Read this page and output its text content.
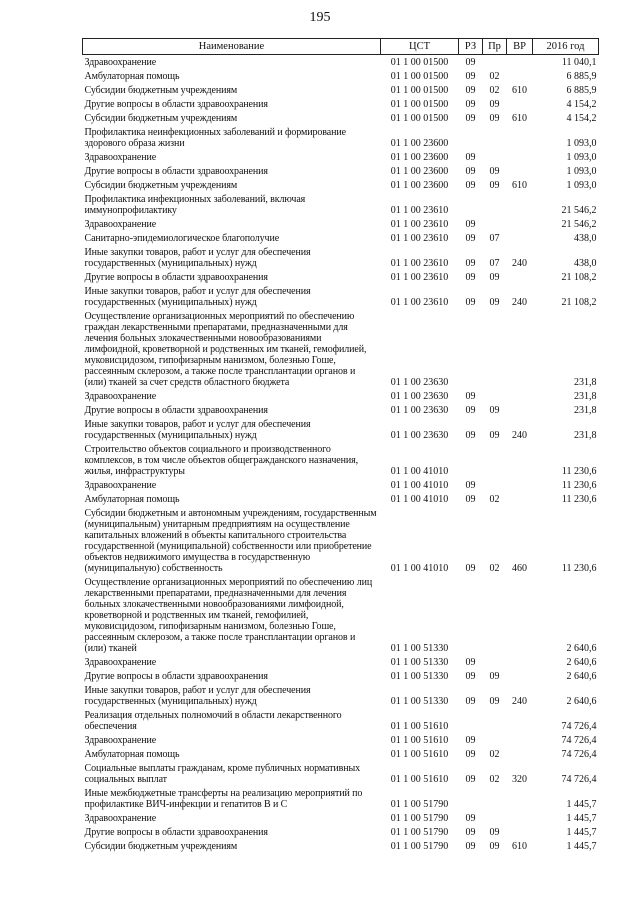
195
Наименование	ЦСТ	РЗ	Пр	ВР	2016 год
Здравоохранение	01 1 00 01500	09			11 040,1
Амбулаторная помощь	01 1 00 01500	09	02		6 885,9
Субсидии бюджетным учреждениям	01 1 00 01500	09	02	610	6 885,9
Другие вопросы в области здравоохранения	01 1 00 01500	09	09		4 154,2
Субсидии бюджетным учреждениям	01 1 00 01500	09	09	610	4 154,2
Профилактика неинфекционных заболеваний и формирование здорового образа жизни	01 1 00 23600				1 093,0
Здравоохранение	01 1 00 23600	09			1 093,0
Другие вопросы в области здравоохранения	01 1 00 23600	09	09		1 093,0
Субсидии бюджетным учреждениям	01 1 00 23600	09	09	610	1 093,0
Профилактика инфекционных заболеваний, включая иммунопрофилактику	01 1 00 23610				21 546,2
Здравоохранение	01 1 00 23610	09			21 546,2
Санитарно-эпидемиологическое благополучие	01 1 00 23610	09	07		438,0
Иные закупки товаров, работ и услуг для обеспечения государственных (муниципальных) нужд	01 1 00 23610	09	07	240	438,0
Другие вопросы в области здравоохранения	01 1 00 23610	09	09		21 108,2
Иные закупки товаров, работ и услуг для обеспечения государственных (муниципальных) нужд	01 1 00 23610	09	09	240	21 108,2
Осуществление организационных мероприятий по обеспечению граждан лекарственными препаратами, предназначенными для лечения больных злокачественными новообразованиями лимфоидной, кроветворной и родственных им тканей, гемофилией, муковисцидозом, гипофизарным нанизмом, болезнью Гоше, рассеянным склерозом, а также после трансплантации органов и (или) тканей за счет средств областного бюджета	01 1 00 23630				231,8
Здравоохранение	01 1 00 23630	09			231,8
Другие вопросы в области здравоохранения	01 1 00 23630	09	09		231,8
Иные закупки товаров, работ и услуг для обеспечения государственных (муниципальных) нужд	01 1 00 23630	09	09	240	231,8
Строительство объектов социального и производственного комплексов, в том числе объектов общегражданского назначения, жилья, инфраструктуры	01 1 00 41010				11 230,6
Здравоохранение	01 1 00 41010	09			11 230,6
Амбулаторная помощь	01 1 00 41010	09	02		11 230,6
Субсидии бюджетным и автономным учреждениям, государственным (муниципальным) унитарным предприятиям на осуществление капитальных вложений в объекты капитального строительства государственной (муниципальной) собственности или приобретение объектов недвижимого имущества в государственную (муниципальную) собственность	01 1 00 41010	09	02	460	11 230,6
Осуществление организационных мероприятий по обеспечению лиц лекарственными препаратами, предназначенными для лечения больных злокачественными новообразованиями лимфоидной, кроветворной и родственных им тканей, гемофилией, муковисцидозом, гипофизарным нанизмом, болезнью Гоше, рассеянным склерозом, а также после трансплантации органов и (или) тканей	01 1 00 51330				2 640,6
Здравоохранение	01 1 00 51330	09			2 640,6
Другие вопросы в области здравоохранения	01 1 00 51330	09	09		2 640,6
Иные закупки товаров, работ и услуг для обеспечения государственных (муниципальных) нужд	01 1 00 51330	09	09	240	2 640,6
Реализация отдельных полномочий в области лекарственного обеспечения	01 1 00 51610				74 726,4
Здравоохранение	01 1 00 51610	09			74 726,4
Амбулаторная помощь	01 1 00 51610	09	02		74 726,4
Социальные выплаты гражданам, кроме публичных нормативных социальных выплат	01 1 00 51610	09	02	320	74 726,4
Иные межбюджетные трансферты на реализацию мероприятий по профилактике ВИЧ-инфекции и гепатитов В и С	01 1 00 51790				1 445,7
Здравоохранение	01 1 00 51790	09			1 445,7
Другие вопросы в области здравоохранения	01 1 00 51790	09	09		1 445,7
Субсидии бюджетным учреждениям	01 1 00 51790	09	09	610	1 445,7
